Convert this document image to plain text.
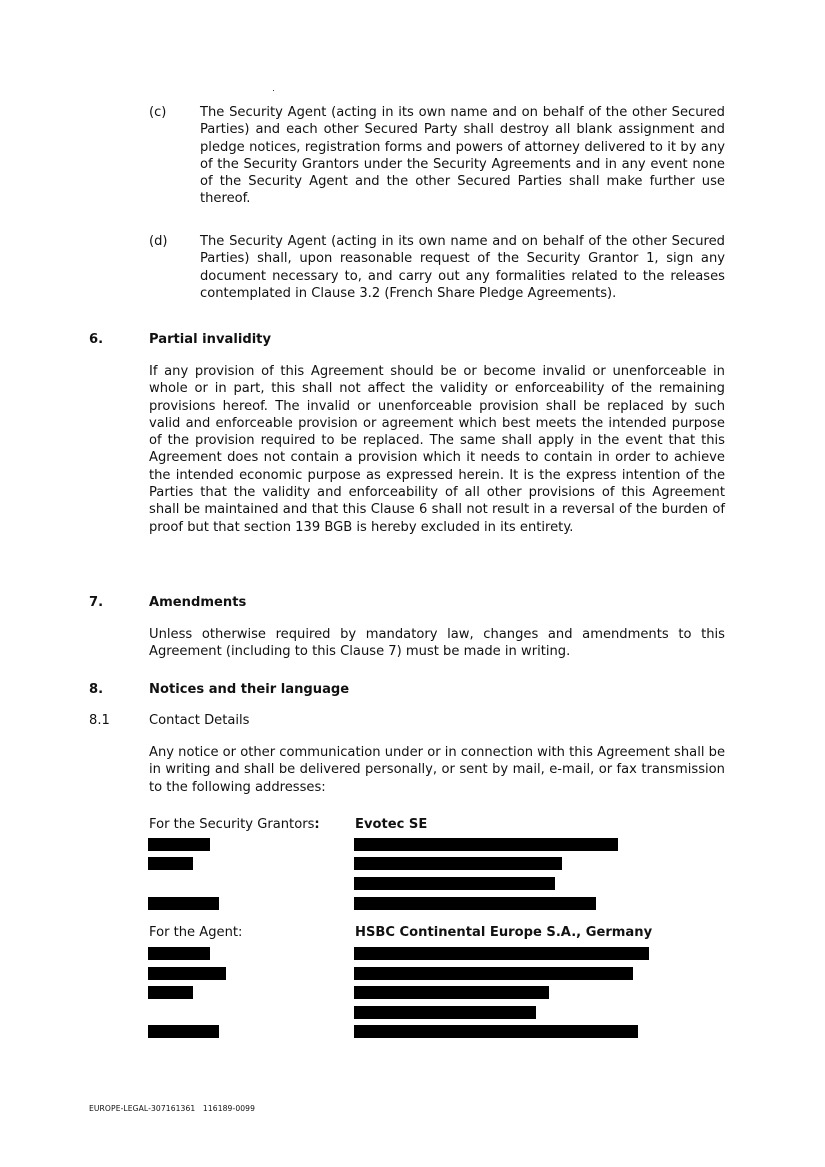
(c)	The Security Agent (acting in its own name and on behalf of the other Secured Parties) and each other Secured Party shall destroy all blank assignment and pledge notices, registration forms and powers of attorney delivered to it by any of the Security Grantors under the Security Agreements and in any event none of the Security Agent and the other Secured Parties shall make further use thereof.
(d) The Security Agent (acting in its own name and on behalf of the other Secured Parties) shall, upon reasonable request of the Security Grantor 1, sign any document necessary to, and carry out any formalities related to the releases contemplated in Clause 3.2 (French Share Pledge Agreements).
6.	Partial invalidity
If any provision of this Agreement should be or become invalid or unenforceable in whole or in part, this shall not affect the validity or enforceability of the remaining provisions hereof. The invalid or unenforceable provision shall be replaced by such valid and enforceable provision or agreement which best meets the intended purpose of the provision required to be replaced. The same shall apply in the event that this Agreement does not contain a provision which it needs to contain in order to achieve the intended economic purpose as expressed herein. It is the express intention of the Parties that the validity and enforceability of all other provisions of this Agreement shall be maintained and that this Clause 6 shall not result in a reversal of the burden of proof but that section 139 BGB is hereby excluded in its entirety.
7.	Amendments
Unless otherwise required by mandatory law, changes and amendments to this Agreement (including to this Clause 7) must be made in writing.
8.	Notices and their language
8.1	Contact Details
Any notice or other communication under or in connection with this Agreement shall be in writing and shall be delivered personally, or sent by mail, e-mail, or fax transmission to the following addresses:
For the Security Grantors:	Evotec SE
For the Agent:	HSBC Continental Europe S.A., Germany
EUROPE-LEGAL-307161361   116189-0099
